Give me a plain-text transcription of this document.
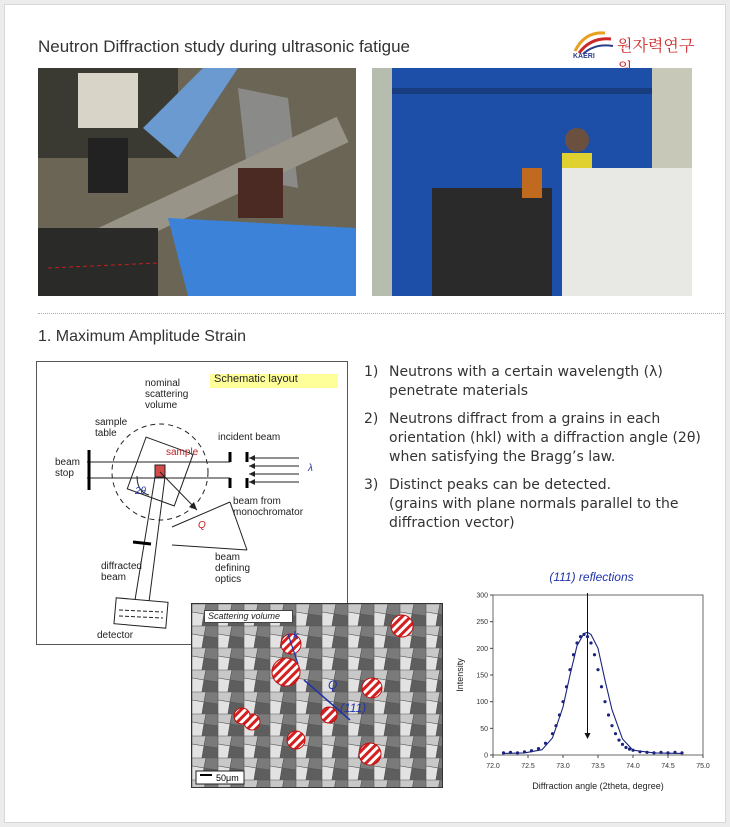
Neutron Diffraction study during ultrasonic fatigue	원자력연구
KAERI
1. Maximum Amplitude Strain
Schematic layout
nominal
scattering
volume
sample
table	incident beam
sample
beam
stop	λ
2θ
beam from
monochromator
Q
beam
defining
optics
diffracted
beam
detector
Scattering volume
50μm
Q
(111)
k
1) Neutrons with a certain wavelength (λ) penetrate materials
2) Neutrons diffract from a grains in each orientation (hkl) with a diffraction angle (2θ) when satisfying the Bragg’s law.
3) Distinct peaks can be detected.
(grains with plane normals parallel to the diffraction vector)
72.0	72.5	73.0	73.5	74.0	74.5	75.0
0
50
100
150
200
250
300
Diffraction angle (2theta, degree)
Intensity
(111) reflections
